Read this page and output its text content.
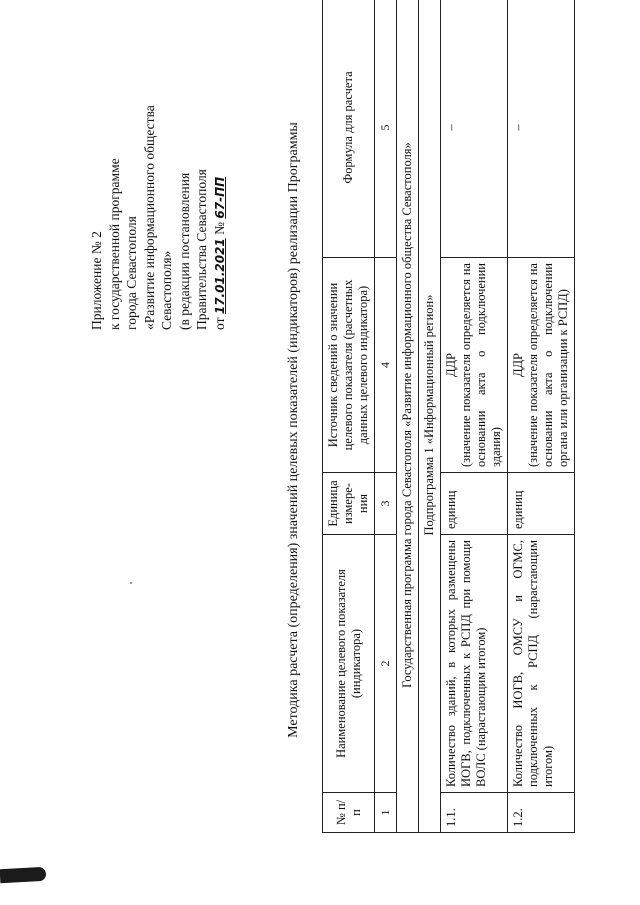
Приложение № 2 к государственной программе города Севастополя «Развитие информационного общества Севастополя» (в редакции постановления Правительства Севастополя от 17.01.2021 № 67-ПП	Методика расчета (определения) значений целевых показателей (индикаторов) реализации Программы
№ п/п	Наименование целевого показателя (индикатора)	Единица измере-ния	Источник сведений о значении целевого показателя (расчетных данных целевого индикатора)	Формула для расчета
1	2	3	4	5
Государственная программа города Севастополя «Развитие информационного общества Севастополя»				
Подпрограмма 1 «Информационный регион»				
1.1.	Количество зданий, в которых размещены ИОГВ, подключенных к РСПД при помощи ВОЛС (нарастающим итогом)	единиц	ДДР (значение показателя определяется на основании акта о подключении здания)	–
1.2.	Количество ИОГВ, ОМСУ и ОГМС, подключенных к РСПД (нарастающим итогом)	единиц	ДДР (значение показателя определяется на основании акта о подключении органа или организации к РСПД)	–
